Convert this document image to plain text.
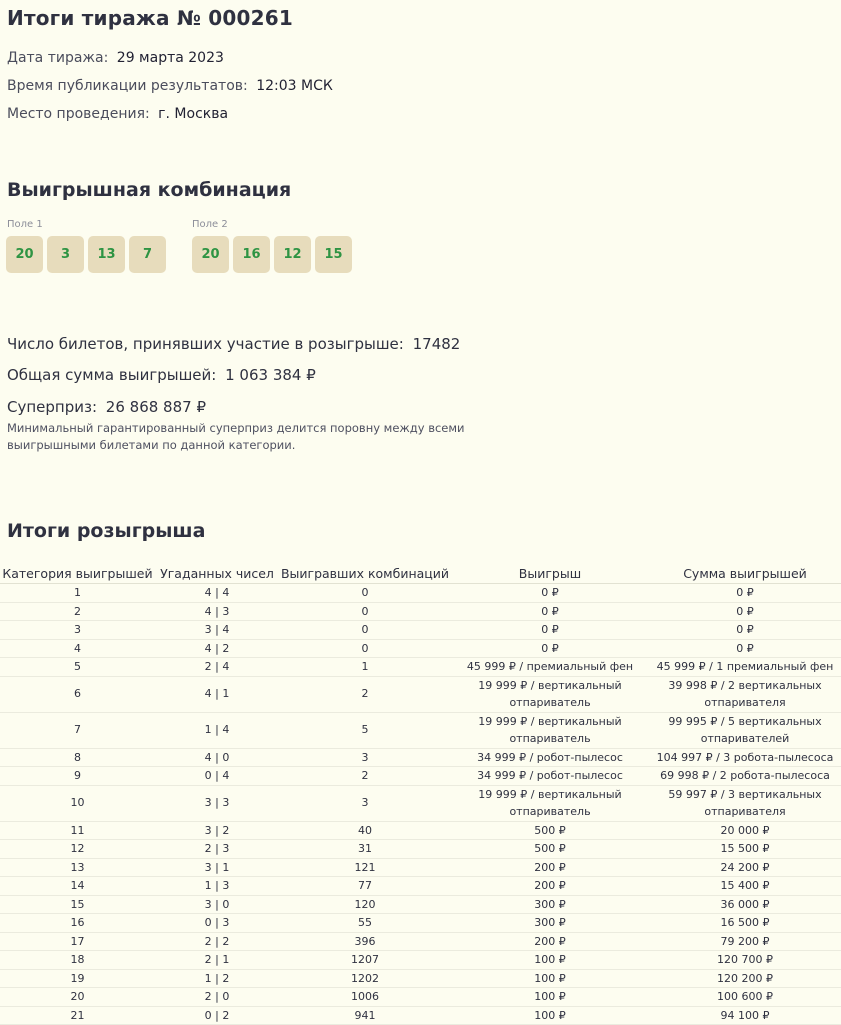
Итоги тиража № 000261
Дата тиража: 29 марта 2023
Время публикации результатов: 12:03 МСК
Место проведения: г. Москва
Выигрышная комбинация
Поле 1
20	3	13	7
Поле 2
20	16	12	15
Число билетов, принявших участие в розыгрыше: 17482
Общая сумма выигрышей: 1 063 384 ₽
Суперприз: 26 868 887 ₽
Минимальный гарантированный суперприз делится поровну между всеми выигрышными билетами по данной категории.
Итоги розыгрыша
Категория выигрышей	Угаданных чисел	Выигравших комбинаций	Выигрыш	Сумма выигрышей
1	4 | 4	0	0 ₽	0 ₽
2	4 | 3	0	0 ₽	0 ₽
3	3 | 4	0	0 ₽	0 ₽
4	4 | 2	0	0 ₽	0 ₽
5	2 | 4	1	45 999 ₽ / премиальный фен	45 999 ₽ / 1 премиальный фен
6	4 | 1	2	19 999 ₽ / вертикальный отпариватель	39 998 ₽ / 2 вертикальных отпаривателя
7	1 | 4	5	19 999 ₽ / вертикальный отпариватель	99 995 ₽ / 5 вертикальных отпаривателей
8	4 | 0	3	34 999 ₽ / робот-пылесос	104 997 ₽ / 3 робота-пылесоса
9	0 | 4	2	34 999 ₽ / робот-пылесос	69 998 ₽ / 2 робота-пылесоса
10	3 | 3	3	19 999 ₽ / вертикальный отпариватель	59 997 ₽ / 3 вертикальных отпаривателя
11	3 | 2	40	500 ₽	20 000 ₽
12	2 | 3	31	500 ₽	15 500 ₽
13	3 | 1	121	200 ₽	24 200 ₽
14	1 | 3	77	200 ₽	15 400 ₽
15	3 | 0	120	300 ₽	36 000 ₽
16	0 | 3	55	300 ₽	16 500 ₽
17	2 | 2	396	200 ₽	79 200 ₽
18	2 | 1	1207	100 ₽	120 700 ₽
19	1 | 2	1202	100 ₽	120 200 ₽
20	2 | 0	1006	100 ₽	100 600 ₽
21	0 | 2	941	100 ₽	94 100 ₽
